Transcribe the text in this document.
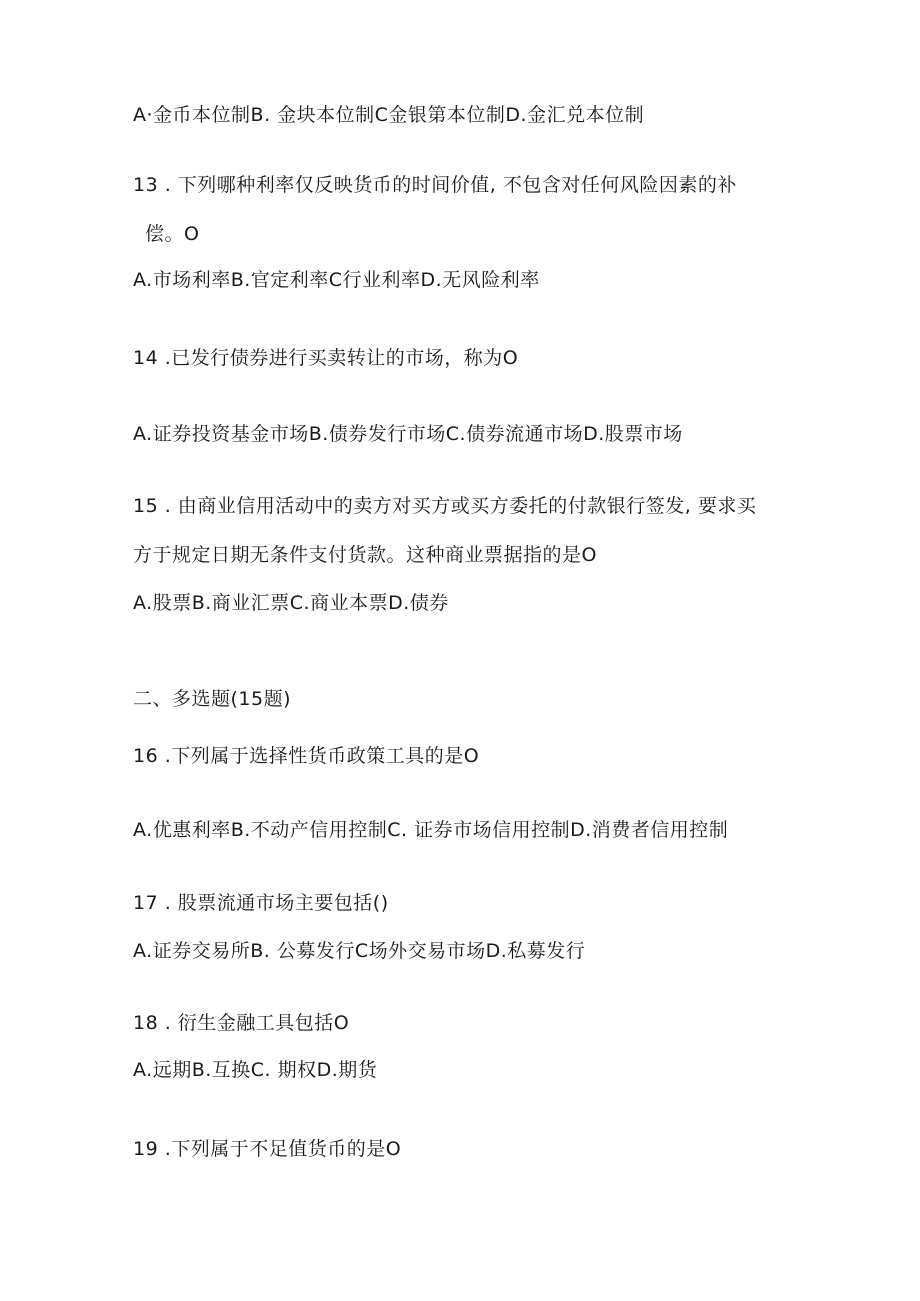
A·金币本位制B. 金块本位制C金银第本位制D.金汇兑本位制
13 . 下列哪种利率仅反映货币的时间价值, 不包含对任何风险因素的补
偿。O
A.市场利率B.官定利率C行业利率D.无风险利率
14 .已发行债券进行买卖转让的市场，称为O
A.证券投资基金市场B.债券发行市场C.债券流通市场D.股票市场
15 . 由商业信用活动中的卖方对买方或买方委托的付款银行签发, 要求买
方于规定日期无条件支付货款。这种商业票据指的是O
A.股票B.商业汇票C.商业本票D.债券
二、多选题(15题)
16 .下列属于选择性货币政策工具的是O
A.优惠利率B.不动产信用控制C. 证券市场信用控制D.消费者信用控制
17 . 股票流通市场主要包括()
A.证券交易所B. 公募发行C场外交易市场D.私募发行
18 . 衍生金融工具包括O
A.远期B.互换C. 期权D.期货
19 .下列属于不足值货币的是O
